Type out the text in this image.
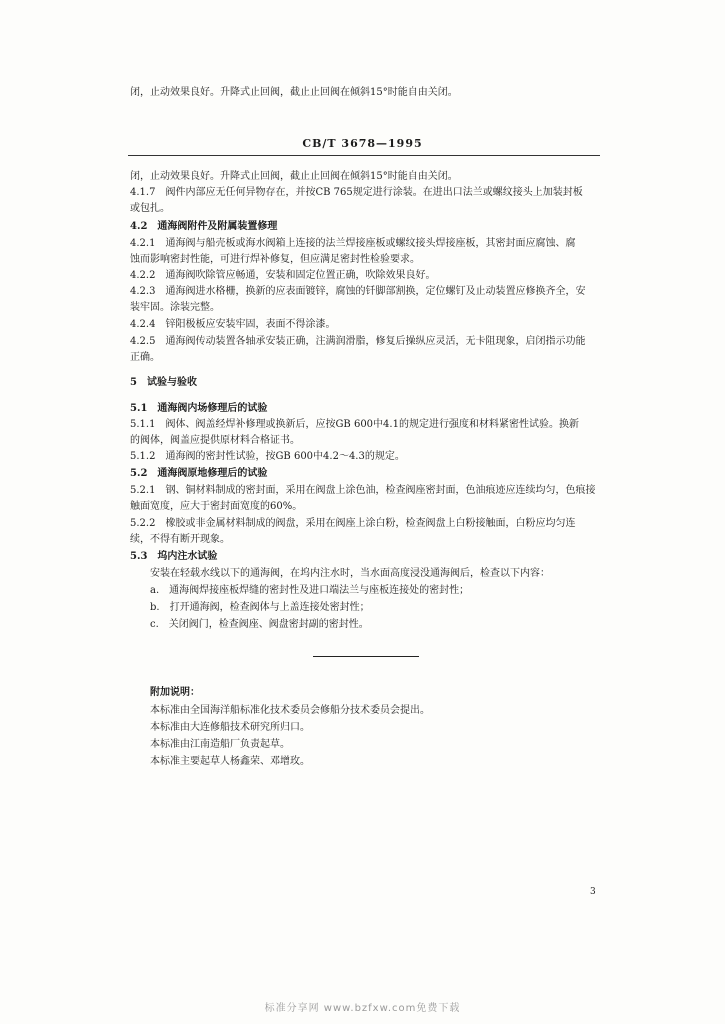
闭，止动效果良好。升降式止回阀，截止止回阀在倾斜15°时能自由关闭。
CB/T 3678—1995
闭，止动效果良好。升降式止回阀，截止止回阀在倾斜15°时能自由关闭。
4.1.7　阀件内部应无任何异物存在，并按CB 765规定进行涂装。在进出口法兰或螺纹接头上加装封板
或包扎。
4.2　通海阀附件及附属装置修理
4.2.1　通海阀与船壳板或海水阀箱上连接的法兰焊接座板或螺纹接头焊接座板，其密封面应腐蚀、腐
蚀而影响密封性能，可进行焊补修复，但应满足密封性检验要求。
4.2.2　通海阀吹除管应畅通，安装和固定位置正确，吹除效果良好。
4.2.3　通海阀进水格栅，换新的应表面镀锌，腐蚀的钎脚部割换，定位螺钉及止动装置应修换齐全，安
装牢固。涂装完整。
4.2.4　锌阳极板应安装牢固，表面不得涂漆。
4.2.5　通海阀传动装置各轴承安装正确，注满润滑脂，修复后操纵应灵活，无卡阻现象，启闭指示功能
正确。
5　试验与验收
5.1　通海阀内场修理后的试验
5.1.1　阀体、阀盖经焊补修理或换新后，应按GB 600中4.1的规定进行强度和材料紧密性试验。换新
的阀体，阀盖应提供原材料合格证书。
5.1.2　通海阀的密封性试验，按GB 600中4.2～4.3的规定。
5.2　通海阀原地修理后的试验
5.2.1　钢、铜材料制成的密封面，采用在阀盘上涂色油，检查阀座密封面，色油痕迹应连续均匀，色痕接
触面宽度，应大于密封面宽度的60%。
5.2.2　橡胶或非金属材料制成的阀盘，采用在阀座上涂白粉，检查阀盘上白粉接触面，白粉应均匀连
续，不得有断开现象。
5.3　坞内注水试验
安装在轻载水线以下的通海阀，在坞内注水时，当水面高度浸没通海阀后，检查以下内容：
a.　通海阀焊接座板焊缝的密封性及进口端法兰与座板连接处的密封性；
b.　打开通海阀，检查阀体与上盖连接处密封性；
c.　关闭阀门，检查阀座、阀盘密封副的密封性。
附加说明：
本标准由全国海洋船标准化技术委员会修船分技术委员会提出。
本标准由大连修船技术研究所归口。
本标准由江南造船厂负责起草。
本标准主要起草人杨鑫荣、邓增玫。
3
标准分享网 www.bzfxw.com免费下载
